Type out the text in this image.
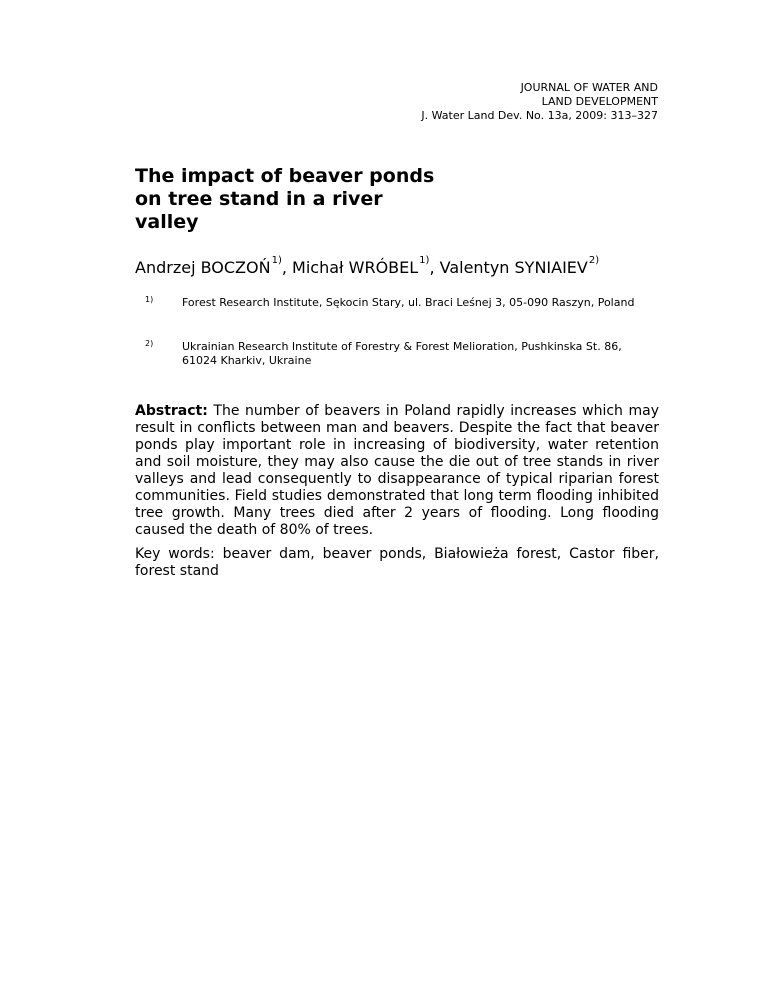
JOURNAL OF WATER AND
LAND DEVELOPMENT
J. Water Land Dev. No. 13a, 2009: 313–327
The impact of beaver ponds on tree stand in a river valley
Andrzej BOCZOŃ$^{1)}$, Michał WRÓBEL$^{1)}$, Valentyn SYNIAIEV$^{2)}$
1)	Forest Research Institute, Sękocin Stary, ul. Braci Leśnej 3, 05-090 Raszyn, Poland
2)	Ukrainian Research Institute of Forestry & Forest Melioration, Pushkinska St. 86, 61024 Kharkiv, Ukraine

Abstract: The number of beavers in Poland rapidly increases which may result in conflicts between man and beavers. Despite the fact that beaver ponds play important role in increasing of biodiversity, water retention and soil moisture, they may also cause the die out of tree stands in river valleys and lead consequently to disappearance of typical riparian forest communities. Field studies demonstrated that long term flooding inhibited tree growth. Many trees died after 2 years of flooding. Long flooding caused the death of 80% of trees.

Key words: beaver dam, beaver ponds, Białowieża forest, Castor fiber, forest stand
